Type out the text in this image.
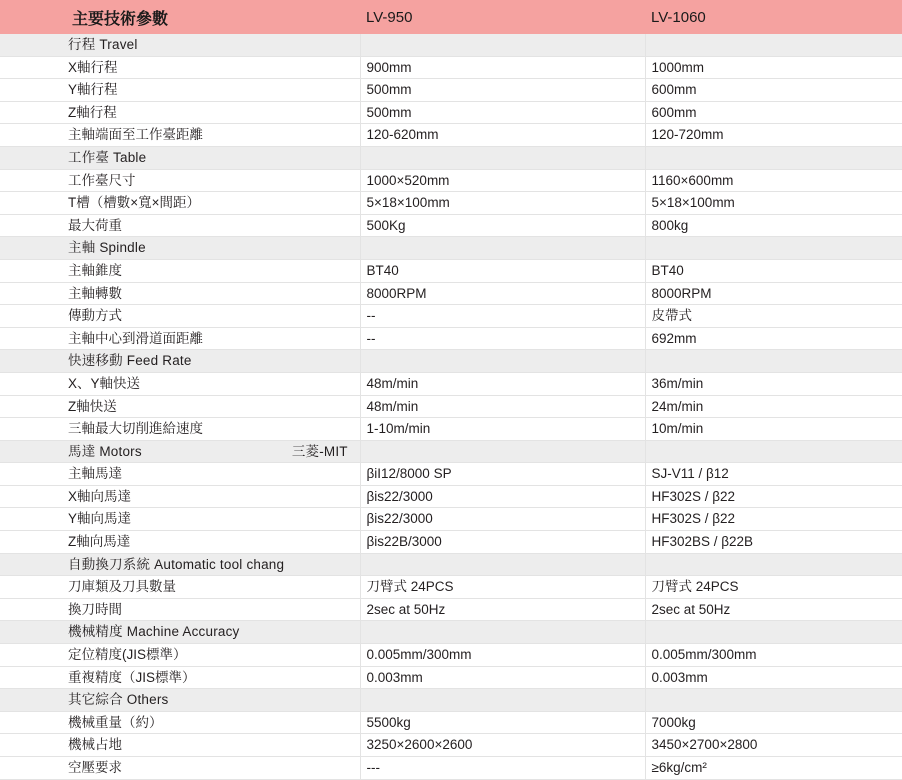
主要技術參數	LV-950	LV-1060
行程 Travel		
X軸行程	900mm	1000mm
Y軸行程	500mm	600mm
Z軸行程	500mm	600mm
主軸端面至工作臺距離	120-620mm	120-720mm
工作臺 Table		
工作臺尺寸	1000×520mm	1160×600mm
T槽（槽數×寬×間距）	5×18×100mm	5×18×100mm
最大荷重	500Kg	800kg
主軸 Spindle		
主軸錐度	BT40	BT40
主軸轉數	8000RPM	8000RPM
傳動方式	--	皮帶式
主軸中心到滑道面距離	--	692mm
快速移動 Feed Rate		
X、Y軸快送	48m/min	36m/min
Z軸快送	48m/min	24m/min
三軸最大切削進給速度	1-10m/min	10m/min
馬達 Motors 三菱-MIT		
主軸馬達	βiI12/8000 SP	SJ-V11 / β12
X軸向馬達	βis22/3000	HF302S / β22
Y軸向馬達	βis22/3000	HF302S / β22
Z軸向馬達	βis22B/3000	HF302BS / β22B
自動換刀系統 Automatic tool chang		
刀庫類及刀具數量	刀臂式 24PCS	刀臂式 24PCS
換刀時間	2sec at 50Hz	2sec at 50Hz
機械精度 Machine Accuracy		
定位精度(JIS標準）	0.005mm/300mm	0.005mm/300mm
重複精度（JIS標準）	0.003mm	0.003mm
其它綜合 Others		
機械重量（約）	5500kg	7000kg
機械占地	3250×2600×2600	3450×2700×2800
空壓要求	---	≥6kg/cm²
